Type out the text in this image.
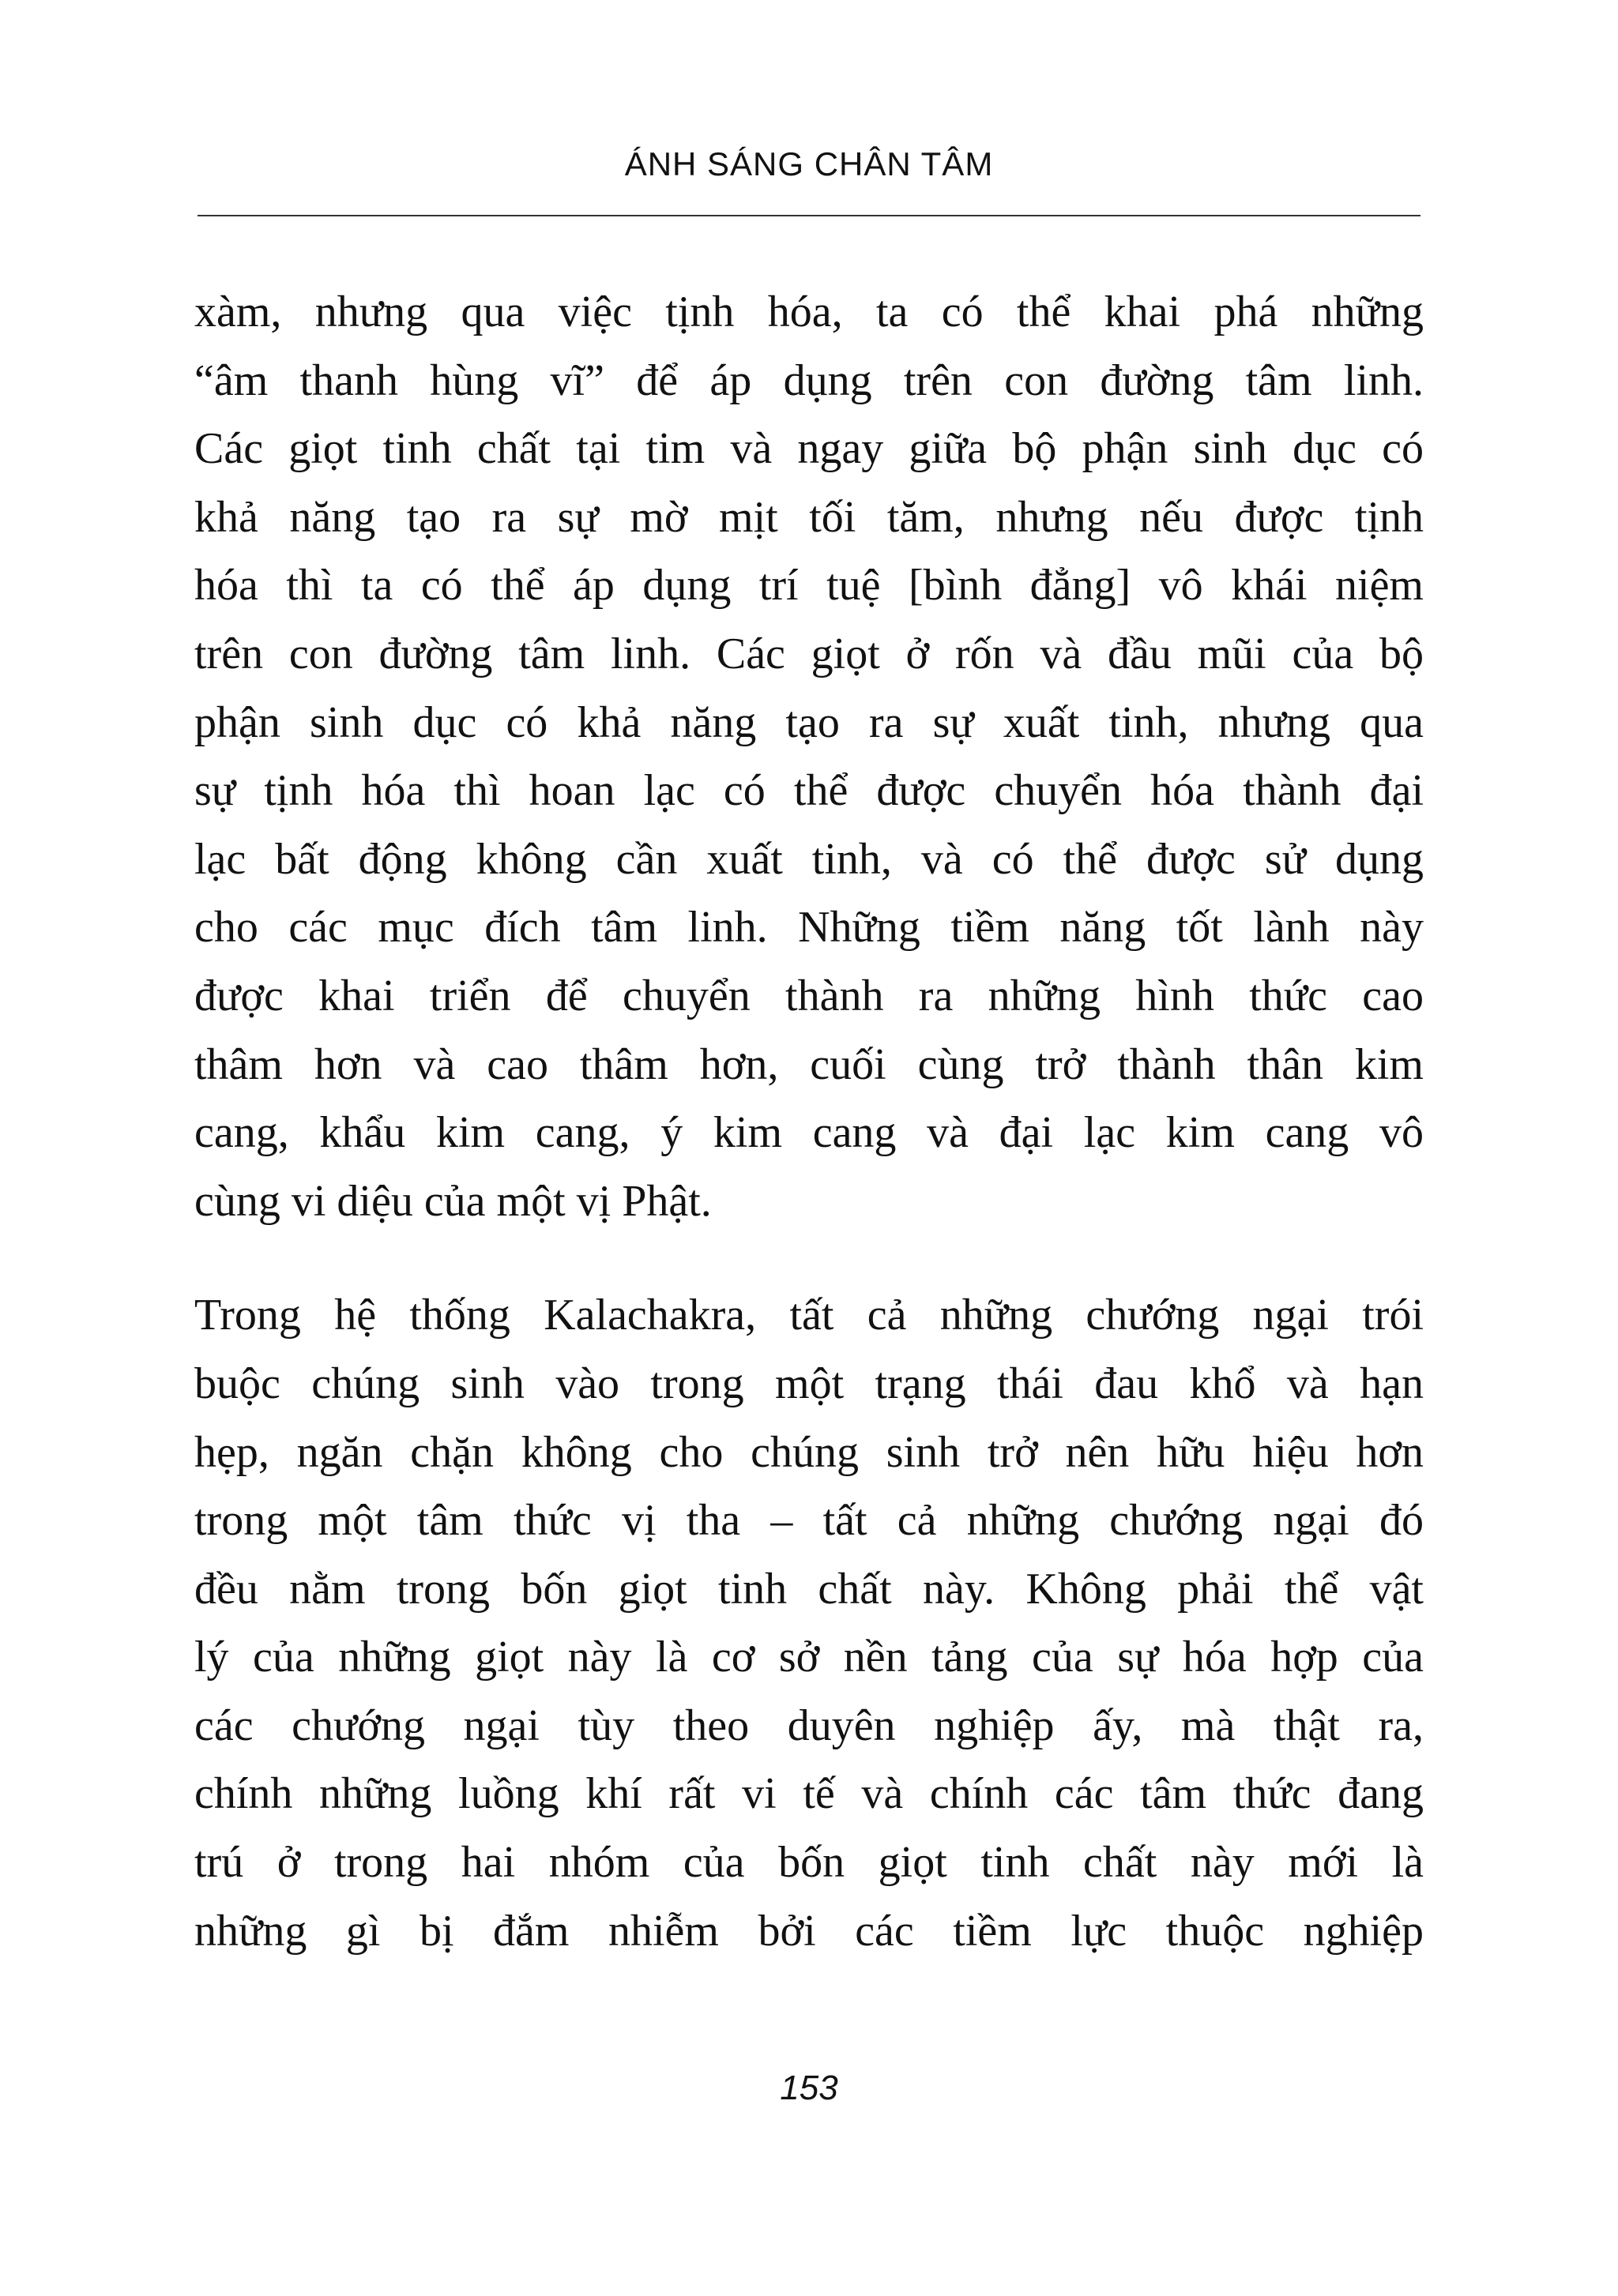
ÁNH SÁNG CHÂN TÂM
xàm, nhưng qua việc tịnh hóa, ta có thể khai phá những
“âm thanh hùng vĩ” để áp dụng trên con đường tâm linh.
Các giọt tinh chất tại tim và ngay giữa bộ phận sinh dục có
khả năng tạo ra sự mờ mịt tối tăm, nhưng nếu được tịnh
hóa thì ta có thể áp dụng trí tuệ [bình đẳng] vô khái niệm
trên con đường tâm linh. Các giọt ở rốn và đầu mũi của bộ
phận sinh dục có khả năng tạo ra sự xuất tinh, nhưng qua
sự tịnh hóa thì hoan lạc có thể được chuyển hóa thành đại
lạc bất động không cần xuất tinh, và có thể được sử dụng
cho các mục đích tâm linh. Những tiềm năng tốt lành này
được khai triển để chuyển thành ra những hình thức cao
thâm hơn và cao thâm hơn, cuối cùng trở thành thân kim
cang, khẩu kim cang, ý kim cang và đại lạc kim cang vô
cùng vi diệu của một vị Phật.
Trong hệ thống Kalachakra, tất cả những chướng ngại trói
buộc chúng sinh vào trong một trạng thái đau khổ và hạn
hẹp, ngăn chặn không cho chúng sinh trở nên hữu hiệu hơn
trong một tâm thức vị tha – tất cả những chướng ngại đó
đều nằm trong bốn giọt tinh chất này. Không phải thể vật
lý của những giọt này là cơ sở nền tảng của sự hóa hợp của
các chướng ngại tùy theo duyên nghiệp ấy, mà thật ra,
chính những luồng khí rất vi tế và chính các tâm thức đang
trú ở trong hai nhóm của bốn giọt tinh chất này mới là
những gì bị đắm nhiễm bởi các tiềm lực thuộc nghiệp
153
